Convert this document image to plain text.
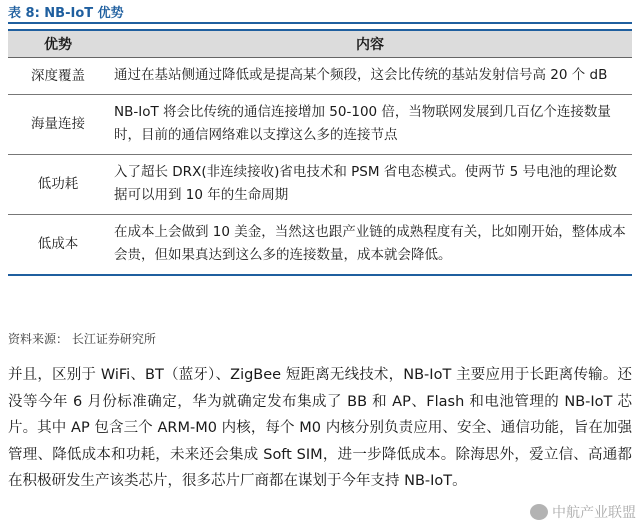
表 8: NB-IoT 优势
优势	内容
深度覆盖	通过在基站侧通过降低或是提高某个频段，这会比传统的基站发射信号高 20 个 dB
海量连接	NB-IoT 将会比传统的通信连接增加 50-100 倍，当物联网发展到几百亿个连接数量时，目前的通信网络难以支撑这么多的连接节点
低功耗	入了超长 DRX(非连续接收)省电技术和 PSM 省电态模式。使两节 5 号电池的理论数据可以用到 10 年的生命周期
低成本	在成本上会做到 10 美金，当然这也跟产业链的成熟程度有关，比如刚开始，整体成本会贵，但如果真达到这么多的连接数量，成本就会降低。
资料来源： 长江证券研究所

并且，区别于 WiFi、BT（蓝牙）、ZigBee 短距离无线技术，NB-IoT 主要应用于长距离传输。还没等今年 6 月份标准确定，华为就确定发布集成了 BB 和 AP、Flash 和电池管理的 NB-IoT 芯片。其中 AP 包含三个 ARM-M0 内核，每个 M0 内核分别负责应用、安全、通信功能，旨在加强管理、降低成本和功耗，未来还会集成 Soft SIM，进一步降低成本。除海思外，爱立信、高通都在积极研发生产该类芯片，很多芯片厂商都在谋划于今年支持 NB-IoT。

中航产业联盟
